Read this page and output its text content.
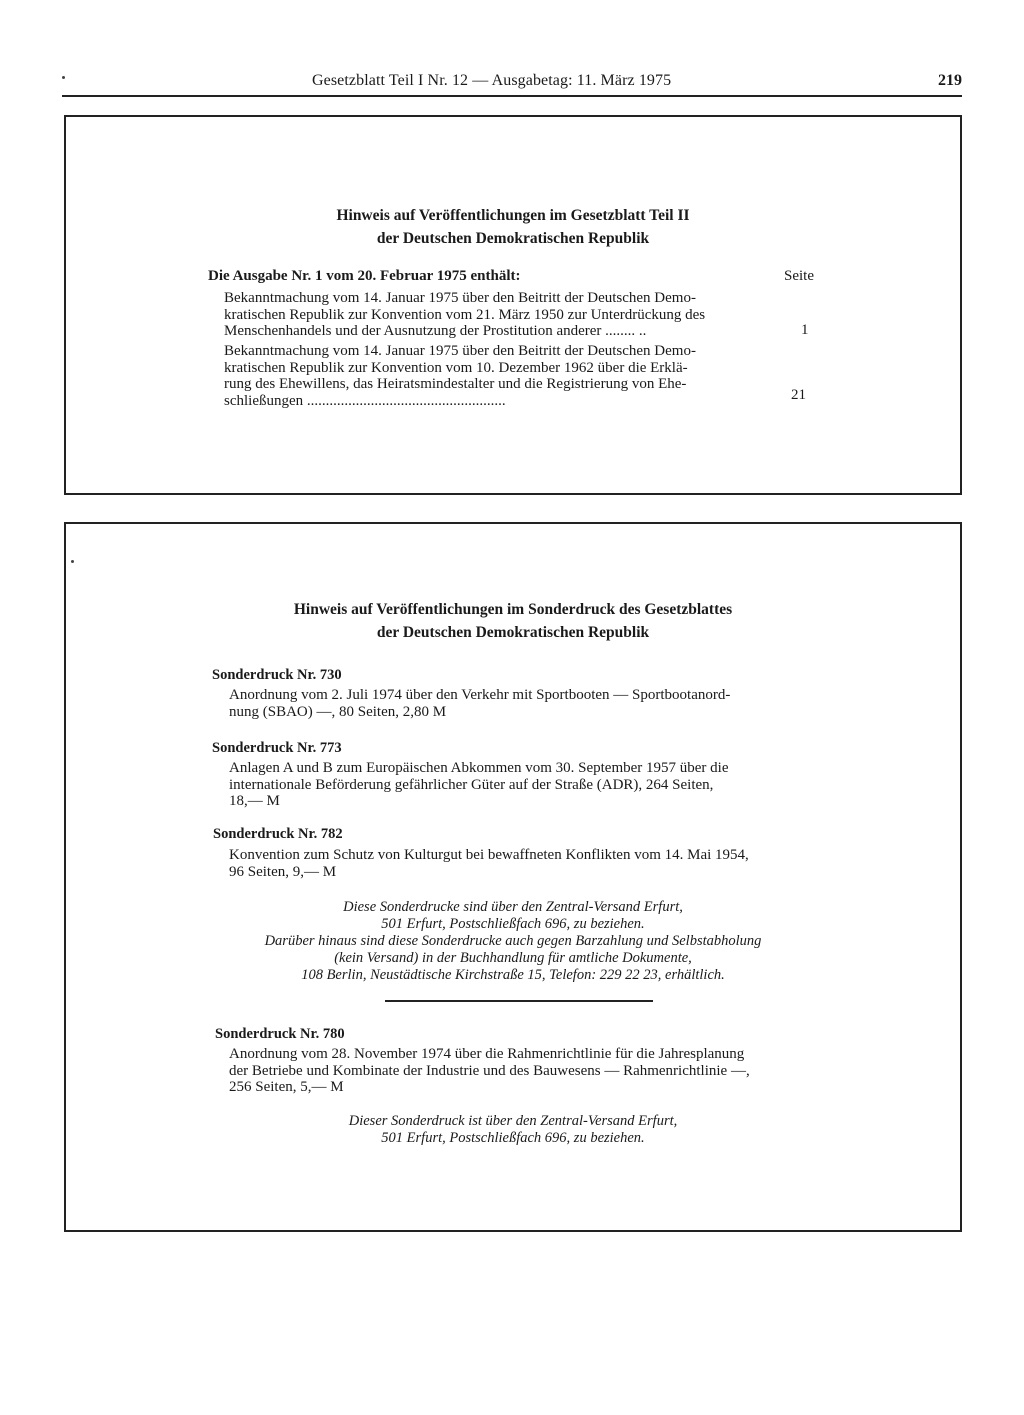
Gesetzblatt Teil I Nr. 12 — Ausgabetag: 11. März 1975	219
Hinweis auf Veröffentlichungen im Gesetzblatt Teil II
der Deutschen Demokratischen Republik
Die Ausgabe Nr. 1 vom 20. Februar 1975 enthält:	Seite
Bekanntmachung vom 14. Januar 1975 über den Beitritt der Deutschen Demo-
kratischen Republik zur Konvention vom 21. März 1950 zur Unterdrückung des
Menschenhandels und der Ausnutzung der Prostitution anderer ........ ..	1
Bekanntmachung vom 14. Januar 1975 über den Beitritt der Deutschen Demo-
kratischen Republik zur Konvention vom 10. Dezember 1962 über die Erklä-
rung des Ehewillens, das Heiratsmindestalter und die Registrierung von Ehe-
schließungen .....................................................	21
Hinweis auf Veröffentlichungen im Sonderdruck des Gesetzblattes
der Deutschen Demokratischen Republik
Sonderdruck Nr. 730
Anordnung vom 2. Juli 1974 über den Verkehr mit Sportbooten — Sportbootanord-
nung (SBAO) —, 80 Seiten, 2,80 M
Sonderdruck Nr. 773
Anlagen A und B zum Europäischen Abkommen vom 30. September 1957 über die
internationale Beförderung gefährlicher Güter auf der Straße (ADR), 264 Seiten,
18,— M
Sonderdruck Nr. 782
Konvention zum Schutz von Kulturgut bei bewaffneten Konflikten vom 14. Mai 1954,
96 Seiten, 9,— M
Diese Sonderdrucke sind über den Zentral-Versand Erfurt,
501 Erfurt, Postschließfach 696, zu beziehen.
Darüber hinaus sind diese Sonderdrucke auch gegen Barzahlung und Selbstabholung
(kein Versand) in der Buchhandlung für amtliche Dokumente,
108 Berlin, Neustädtische Kirchstraße 15, Telefon: 229 22 23, erhältlich.
Sonderdruck Nr. 780
Anordnung vom 28. November 1974 über die Rahmenrichtlinie für die Jahresplanung
der Betriebe und Kombinate der Industrie und des Bauwesens — Rahmenrichtlinie —,
256 Seiten, 5,— M
Dieser Sonderdruck ist über den Zentral-Versand Erfurt,
501 Erfurt, Postschließfach 696, zu beziehen.
